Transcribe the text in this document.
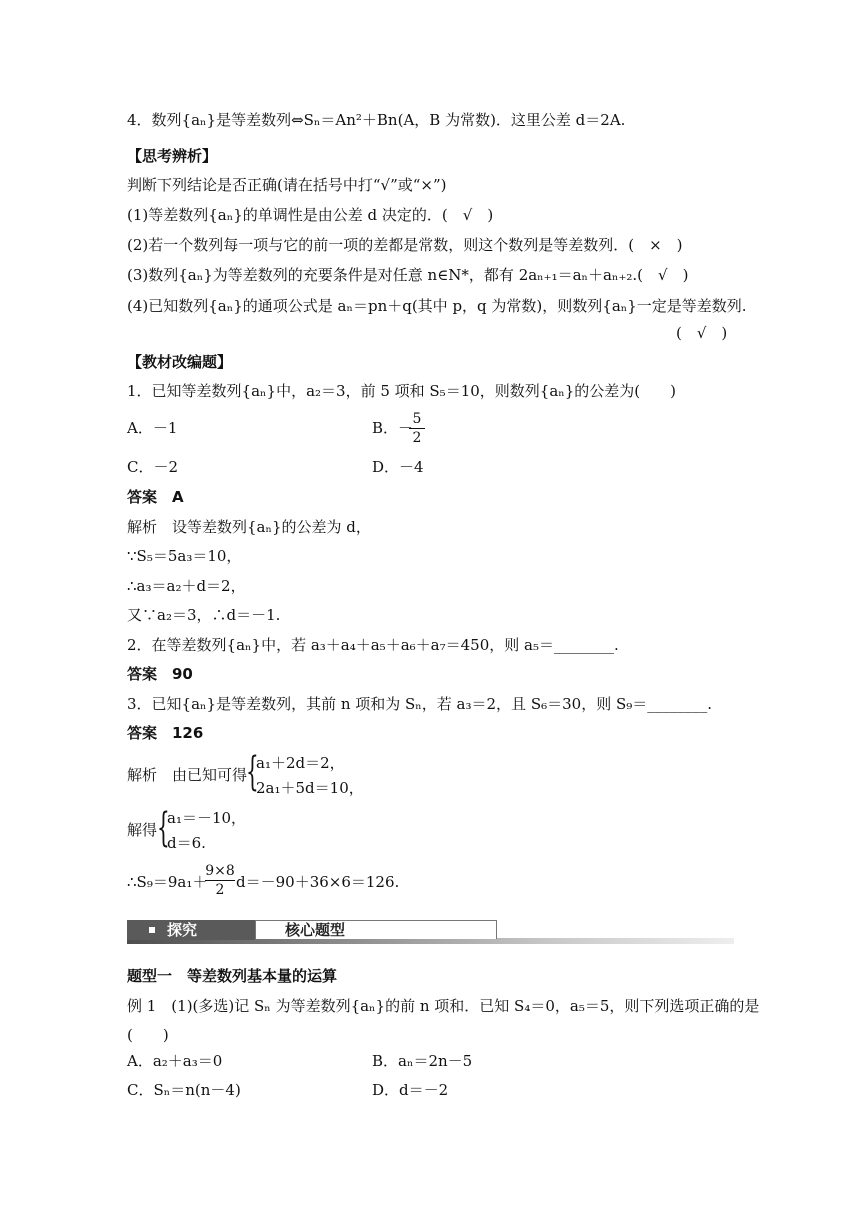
4．数列{aₙ}是等差数列⇔Sₙ＝An²＋Bn(A，B 为常数)．这里公差 d＝2A.
【思考辨析】
判断下列结论是否正确(请在括号中打“√”或“×”)
(1)等差数列{aₙ}的单调性是由公差 d 决定的．(　√　)
(2)若一个数列每一项与它的前一项的差都是常数，则这个数列是等差数列．(　×　)
(3)数列{aₙ}为等差数列的充要条件是对任意 n∈N*，都有 2aₙ₊₁＝aₙ＋aₙ₊₂.(　√　)
(4)已知数列{aₙ}的通项公式是 aₙ＝pn＋q(其中 p，q 为常数)，则数列{aₙ}一定是等差数列.
(　√　)
【教材改编题】
1．已知等差数列{aₙ}中，a₂＝3，前 5 项和 S₅＝10，则数列{aₙ}的公差为(　　)
A．－1	B．－
$\frac{5}{2}$
C．－2	D．－4
答案　A
解析　设等差数列{aₙ}的公差为 d，
∵S₅＝5a₃＝10，
∴a₃＝a₂＋d＝2，
又∵a₂＝3，∴d＝－1.
2．在等差数列{aₙ}中，若 a₃＋a₄＋a₅＋a₆＋a₇＝450，则 a₅＝________.
答案　90
3．已知{aₙ}是等差数列，其前 n 项和为 Sₙ，若 a₃＝2，且 S₆＝30，则 S₉＝________.
答案　126
解析　由已知可得
{
a₁＋2d＝2，
2a₁＋5d＝10，
解得 {
a₁＝－10，
d＝6.
∴S₉＝9a₁＋
$\frac{9\times 8}{2} d=-90+36\times 6=126$.
探究	核心题型
题型一　等差数列基本量的运算
例 1　(1)(多选)记 Sₙ 为等差数列{aₙ}的前 n 项和．已知 S₄＝0，a₅＝5，则下列选项正确的是
(　　)
A．a₂＋a₃＝0	B．aₙ＝2n－5
C．Sₙ＝n(n－4)	D．d＝－2
